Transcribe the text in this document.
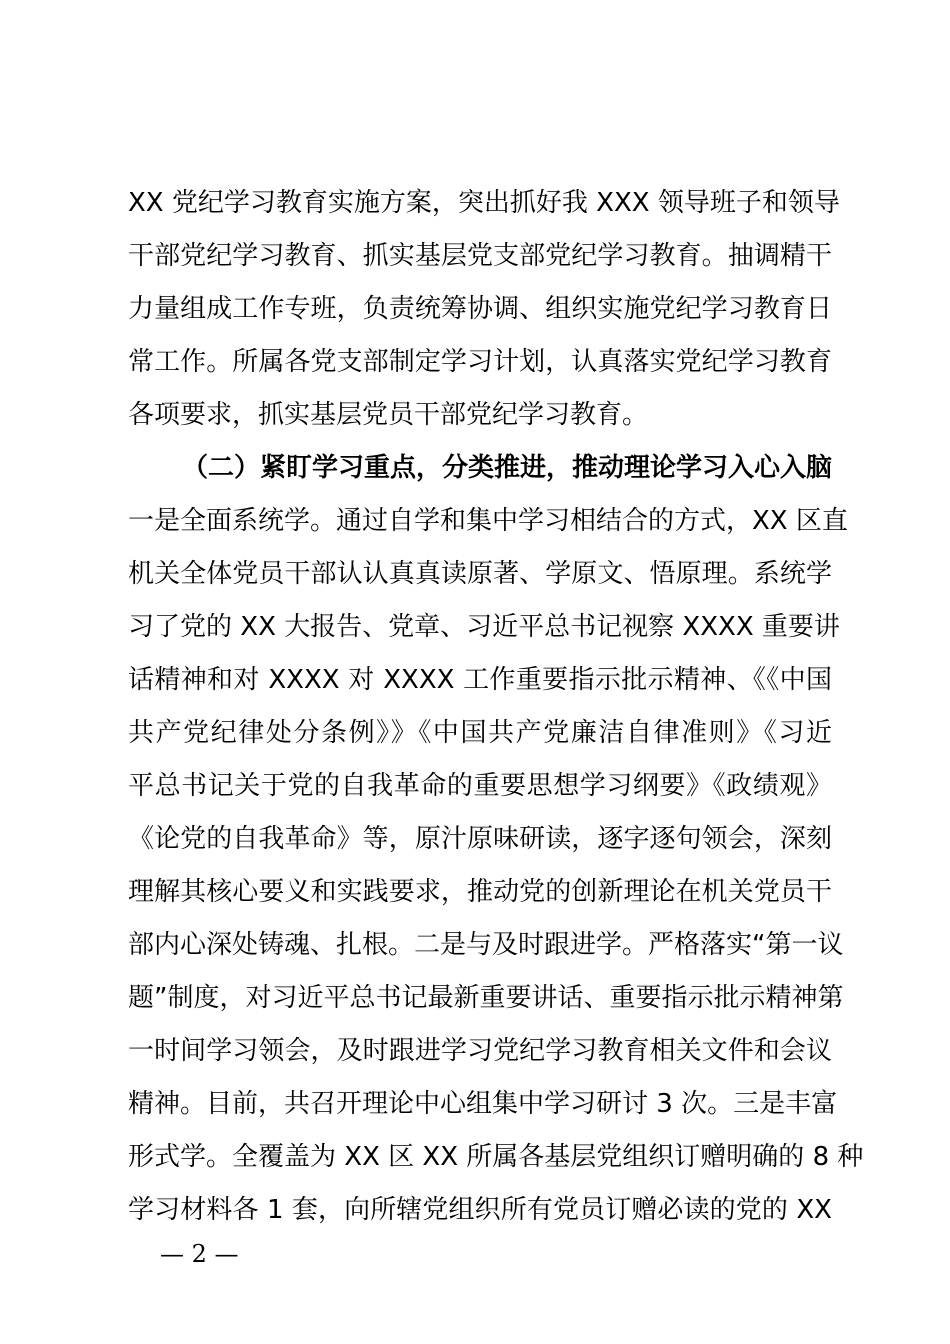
XX 党纪学习教育实施方案，突出抓好我 XXX 领导班子和领导
干部党纪学习教育、抓实基层党支部党纪学习教育。抽调精干
力量组成工作专班，负责统筹协调、组织实施党纪学习教育日
常工作。所属各党支部制定学习计划，认真落实党纪学习教育
各项要求，抓实基层党员干部党纪学习教育。
（二）紧盯学习重点，分类推进，推动理论学习入心入脑
一是全面系统学。通过自学和集中学习相结合的方式，XX 区直
机关全体党员干部认认真真读原著、学原文、悟原理。系统学
习了党的 XX 大报告、党章、习近平总书记视察 XXXX 重要讲
话精神和对 XXXX 对 XXXX 工作重要指示批示精神、《《中国
共产党纪律处分条例》》《中国共产党廉洁自律准则》《习近
平总书记关于党的自我革命的重要思想学习纲要》《政绩观》
《论党的自我革命》等，原汁原味研读，逐字逐句领会，深刻
理解其核心要义和实践要求，推动党的创新理论在机关党员干
部内心深处铸魂、扎根。二是与及时跟进学。严格落实“第一议
题”制度，对习近平总书记最新重要讲话、重要指示批示精神第
一时间学习领会，及时跟进学习党纪学习教育相关文件和会议
精神。目前，共召开理论中心组集中学习研讨 3 次。三是丰富
形式学。全覆盖为 XX 区 XX 所属各基层党组织订赠明确的 8 种
学习材料各 1 套，向所辖党组织所有党员订赠必读的党的 XX
— 2 —
